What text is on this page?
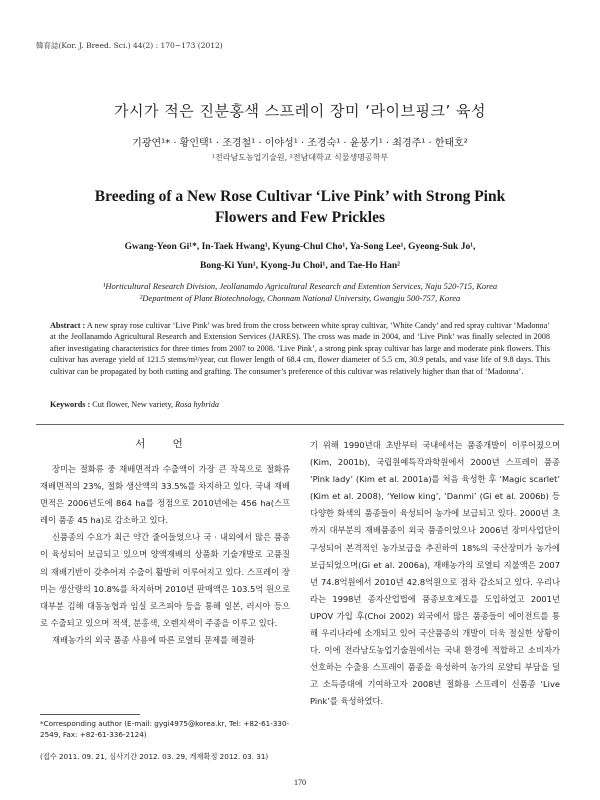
韓育誌(Kor. J. Breed. Sci.) 44(2) : 170~173 (2012)
가시가 적은 진분홍색 스프레이 장미 ‘라이브핑크’ 육성
기광연¹* · 황인택¹ · 조경철¹ · 이야성¹ · 조경숙¹ · 윤봉기¹ · 최경주¹ · 한태호²
¹전라남도농업기술원, ²전남대학교 식물생명공학부
Breeding of a New Rose Cultivar ‘Live Pink’ with Strong Pink
Flowers and Few Prickles
Gwang-Yeon Gi¹*, In-Taek Hwang¹, Kyung-Chul Cho¹, Ya-Song Lee¹, Gyeong-Suk Jo¹,
Bong-Ki Yun¹, Kyong-Ju Choi¹, and Tae-Ho Han²
¹Horticultural Research Division, Jeollanamdo Agricultural Research and Extention Services, Naju 520-715, Korea
²Department of Plant Biotechnology, Chonnam National University, Gwangju 500-757, Korea
Abstract : A new spray rose cultivar ‘Live Pink’ was bred from the cross between white spray cultivar, ‘White Candy’ and red spray cultivar ‘Madonna’ at the Jeollanamdo Agricultural Research and Extension Services (JARES). The cross was made in 2004, and ‘Live Pink’ was finally selected in 2008 after investigating characteristics for three times from 2007 to 2008. ‘Live Pink’, a strong pink spray cultivar has large and moderate pink flowers. This cultivar has average yield of 121.5 stems/m²/year, cut flower length of 68.4 cm, flower diameter of 5.5 cm, 30.9 petals, and vase life of 9.8 days. This cultivar can be propagated by both cutting and grafting. The consumer’s preference of this cultivar was relatively higher than that of ‘Madonna’.
Keywords : Cut flower, New variety, Rosa hybrida
서 언

장미는 절화류 중 재배면적과 수출액이 가장 큰 작목으로 절화류 재배면적의 23%, 절화 생산액의 33.5%를 차지하고 있다. 국내 재배면적은 2006년도에 864 ha를 정점으로 2010년에는 456 ha(스프레이 품종 45 ha)로 감소하고 있다.

신품종의 수요가 최근 약간 줄어들었으나 국 · 내외에서 많은 품종이 육성되어 보급되고 있으며 양액재배의 상품화 기술개발로 고품질의 재배기반이 갖추어져 수출이 활발히 이루어지고 있다. 스프레이 장미는 생산량의 10.8%를 차지하며 2010년 판매액은 103.5억 원으로 대부분 김해 대동농협과 임실 로즈피아 등을 통해 일본, 러시아 등으로 수출되고 있으며 적색, 분홍색, 오렌지색이 주종을 이루고 있다.

재배농가의 외국 품종 사용에 따른 로열티 문제를 해결하

기 위해 1990년대 초반부터 국내에서는 품종개발이 이루어졌으며(Kim, 2001b), 국립원예특작과학원에서 2000년 스프레이 품종 ‘Pink lady’ (Kim et al. 2001a)를 처음 육성한 후 ‘Magic scarlet’ (Kim et al. 2008), ‘Yellow king’, ‘Danmi’ (Gi et al. 2006b) 등 다양한 화색의 품종들이 육성되어 농가에 보급되고 있다. 2000년 초까지 대부분의 재배품종이 외국 품종이었으나 2006년 장미사업단이 구성되어 본격적인 농가보급을 추진하여 18%의 국산장미가 농가에 보급되었으며(Gi et al. 2006a), 재배농가의 로열티 지불액은 2007년 74.8억원에서 2010년 42.8억원으로 점차 감소되고 있다. 우리나라는 1998년 종자산업법에 품종보호제도를 도입하였고 2001년 UPOV 가입 후(Choi 2002) 외국에서 많은 품종들이 에이전트를 통해 우리나라에 소개되고 있어 국산품종의 개발이 더욱 절실한 상황이다. 이에 전라남도농업기술원에서는 국내 환경에 적합하고 소비자가 선호하는 수출용 스프레이 품종을 육성하여 농가의 로얄티 부담을 덜고 소득증대에 기여하고자 2008년 절화용 스프레이 신품종 ‘Live Pink’를 육성하였다.

*Corresponding author (E-mail: gygi4975@korea.kr, Tel: +82-61-330-2549, Fax: +82-61-336-2124)
(접수 2011. 09. 21, 심사기간 2012. 03. 29, 게재확정 2012. 03. 31)
170
